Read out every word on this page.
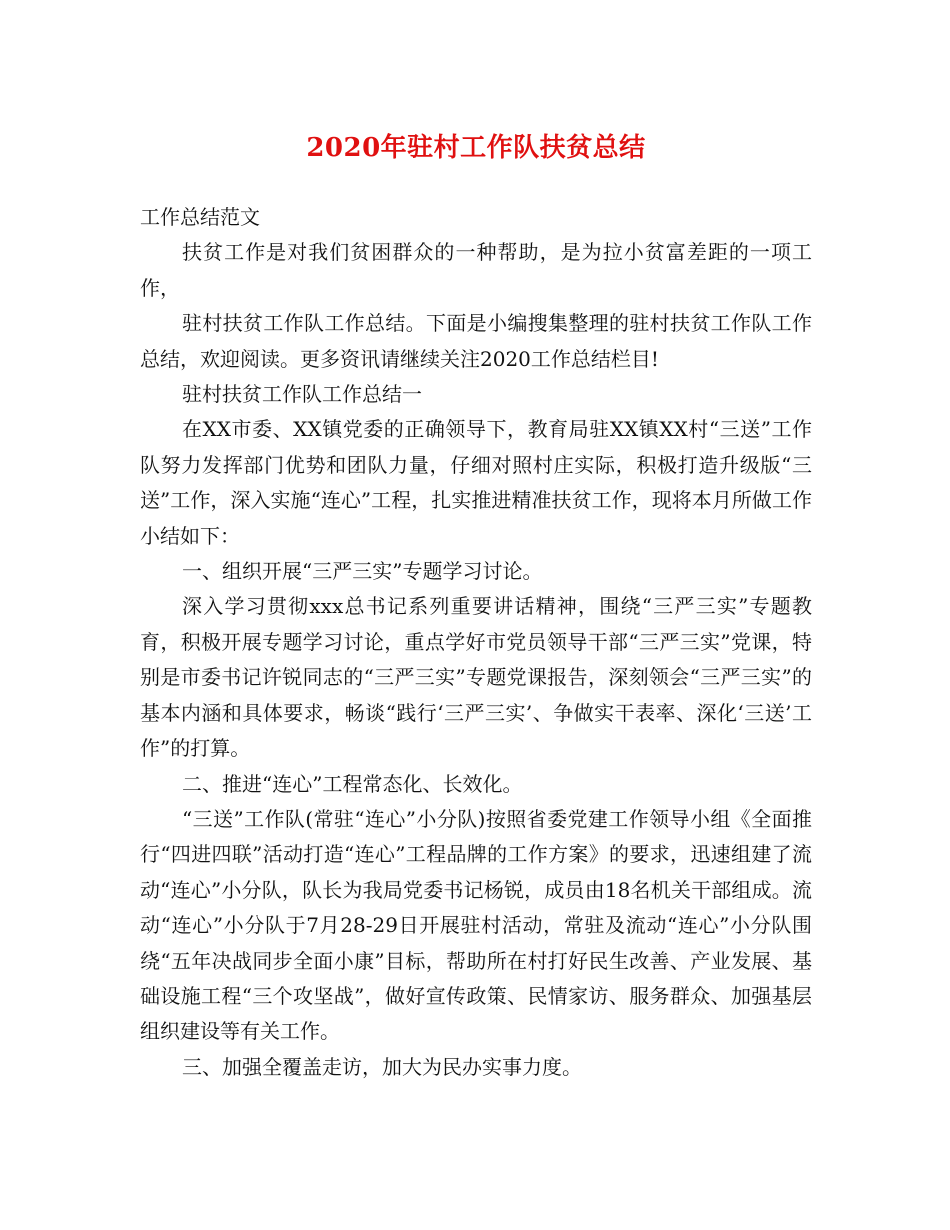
2020年驻村工作队扶贫总结

工作总结范文

扶贫工作是对我们贫困群众的一种帮助，是为拉小贫富差距的一项工作，

驻村扶贫工作队工作总结。下面是小编搜集整理的驻村扶贫工作队工作总结，欢迎阅读。更多资讯请继续关注2020工作总结栏目!

驻村扶贫工作队工作总结一

在XX市委、XX镇党委的正确领导下，教育局驻XX镇XX村“三送”工作队努力发挥部门优势和团队力量，仔细对照村庄实际，积极打造升级版“三送”工作，深入实施“连心”工程，扎实推进精准扶贫工作，现将本月所做工作小结如下：

一、组织开展“三严三实”专题学习讨论。

深入学习贯彻xxx总书记系列重要讲话精神，围绕“三严三实”专题教育，积极开展专题学习讨论，重点学好市党员领导干部“三严三实”党课，特别是市委书记许锐同志的“三严三实”专题党课报告，深刻领会“三严三实”的基本内涵和具体要求，畅谈“践行‘三严三实’、争做实干表率、深化‘三送’工作”的打算。

二、推进“连心”工程常态化、长效化。

“三送”工作队(常驻“连心”小分队)按照省委党建工作领导小组《全面推行“四进四联”活动打造“连心”工程品牌的工作方案》的要求，迅速组建了流动“连心”小分队，队长为我局党委书记杨锐，成员由18名机关干部组成。流动“连心”小分队于7月28-29日开展驻村活动，常驻及流动“连心”小分队围绕“五年决战同步全面小康”目标，帮助所在村打好民生改善、产业发展、基础设施工程“三个攻坚战”，做好宣传政策、民情家访、服务群众、加强基层组织建设等有关工作。

三、加强全覆盖走访，加大为民办实事力度。
